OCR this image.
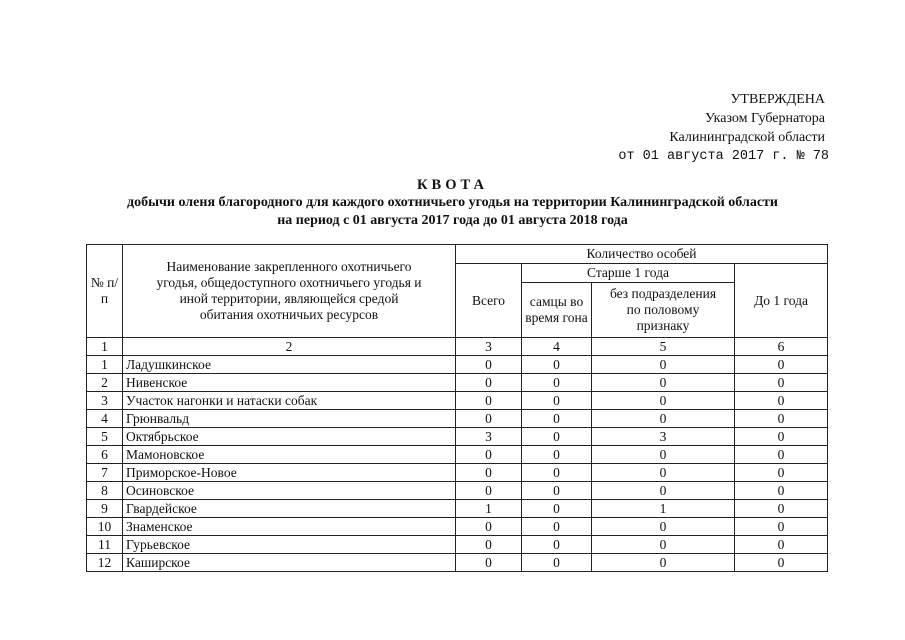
УТВЕРЖДЕНА
Указом Губернатора
Калининградской области
от 01 августа 2017 г. № 78
КВОТА
добычи оленя благородного для каждого охотничьего угодья на территории Калининградской области
на период с 01 августа 2017 года до 01 августа 2018 года
№ п/п	Наименование закрепленного охотничьего угодья, общедоступного охотничьего угодья и иной территории, являющейся средой обитания охотничьих ресурсов	Количество особей			
		Всего	Старше 1 года		До 1 года
			самцы во время гона	без подразделения по половому признаку	
1	2	3	4	5	6
1	Ладушкинское	0	0	0	0
2	Нивенское	0	0	0	0
3	Участок нагонки и натаски собак	0	0	0	0
4	Грюнвальд	0	0	0	0
5	Октябрьское	3	0	3	0
6	Мамоновское	0	0	0	0
7	Приморское-Новое	0	0	0	0
8	Осиновское	0	0	0	0
9	Гвардейское	1	0	1	0
10	Знаменское	0	0	0	0
11	Гурьевское	0	0	0	0
12	Каширское	0	0	0	0
